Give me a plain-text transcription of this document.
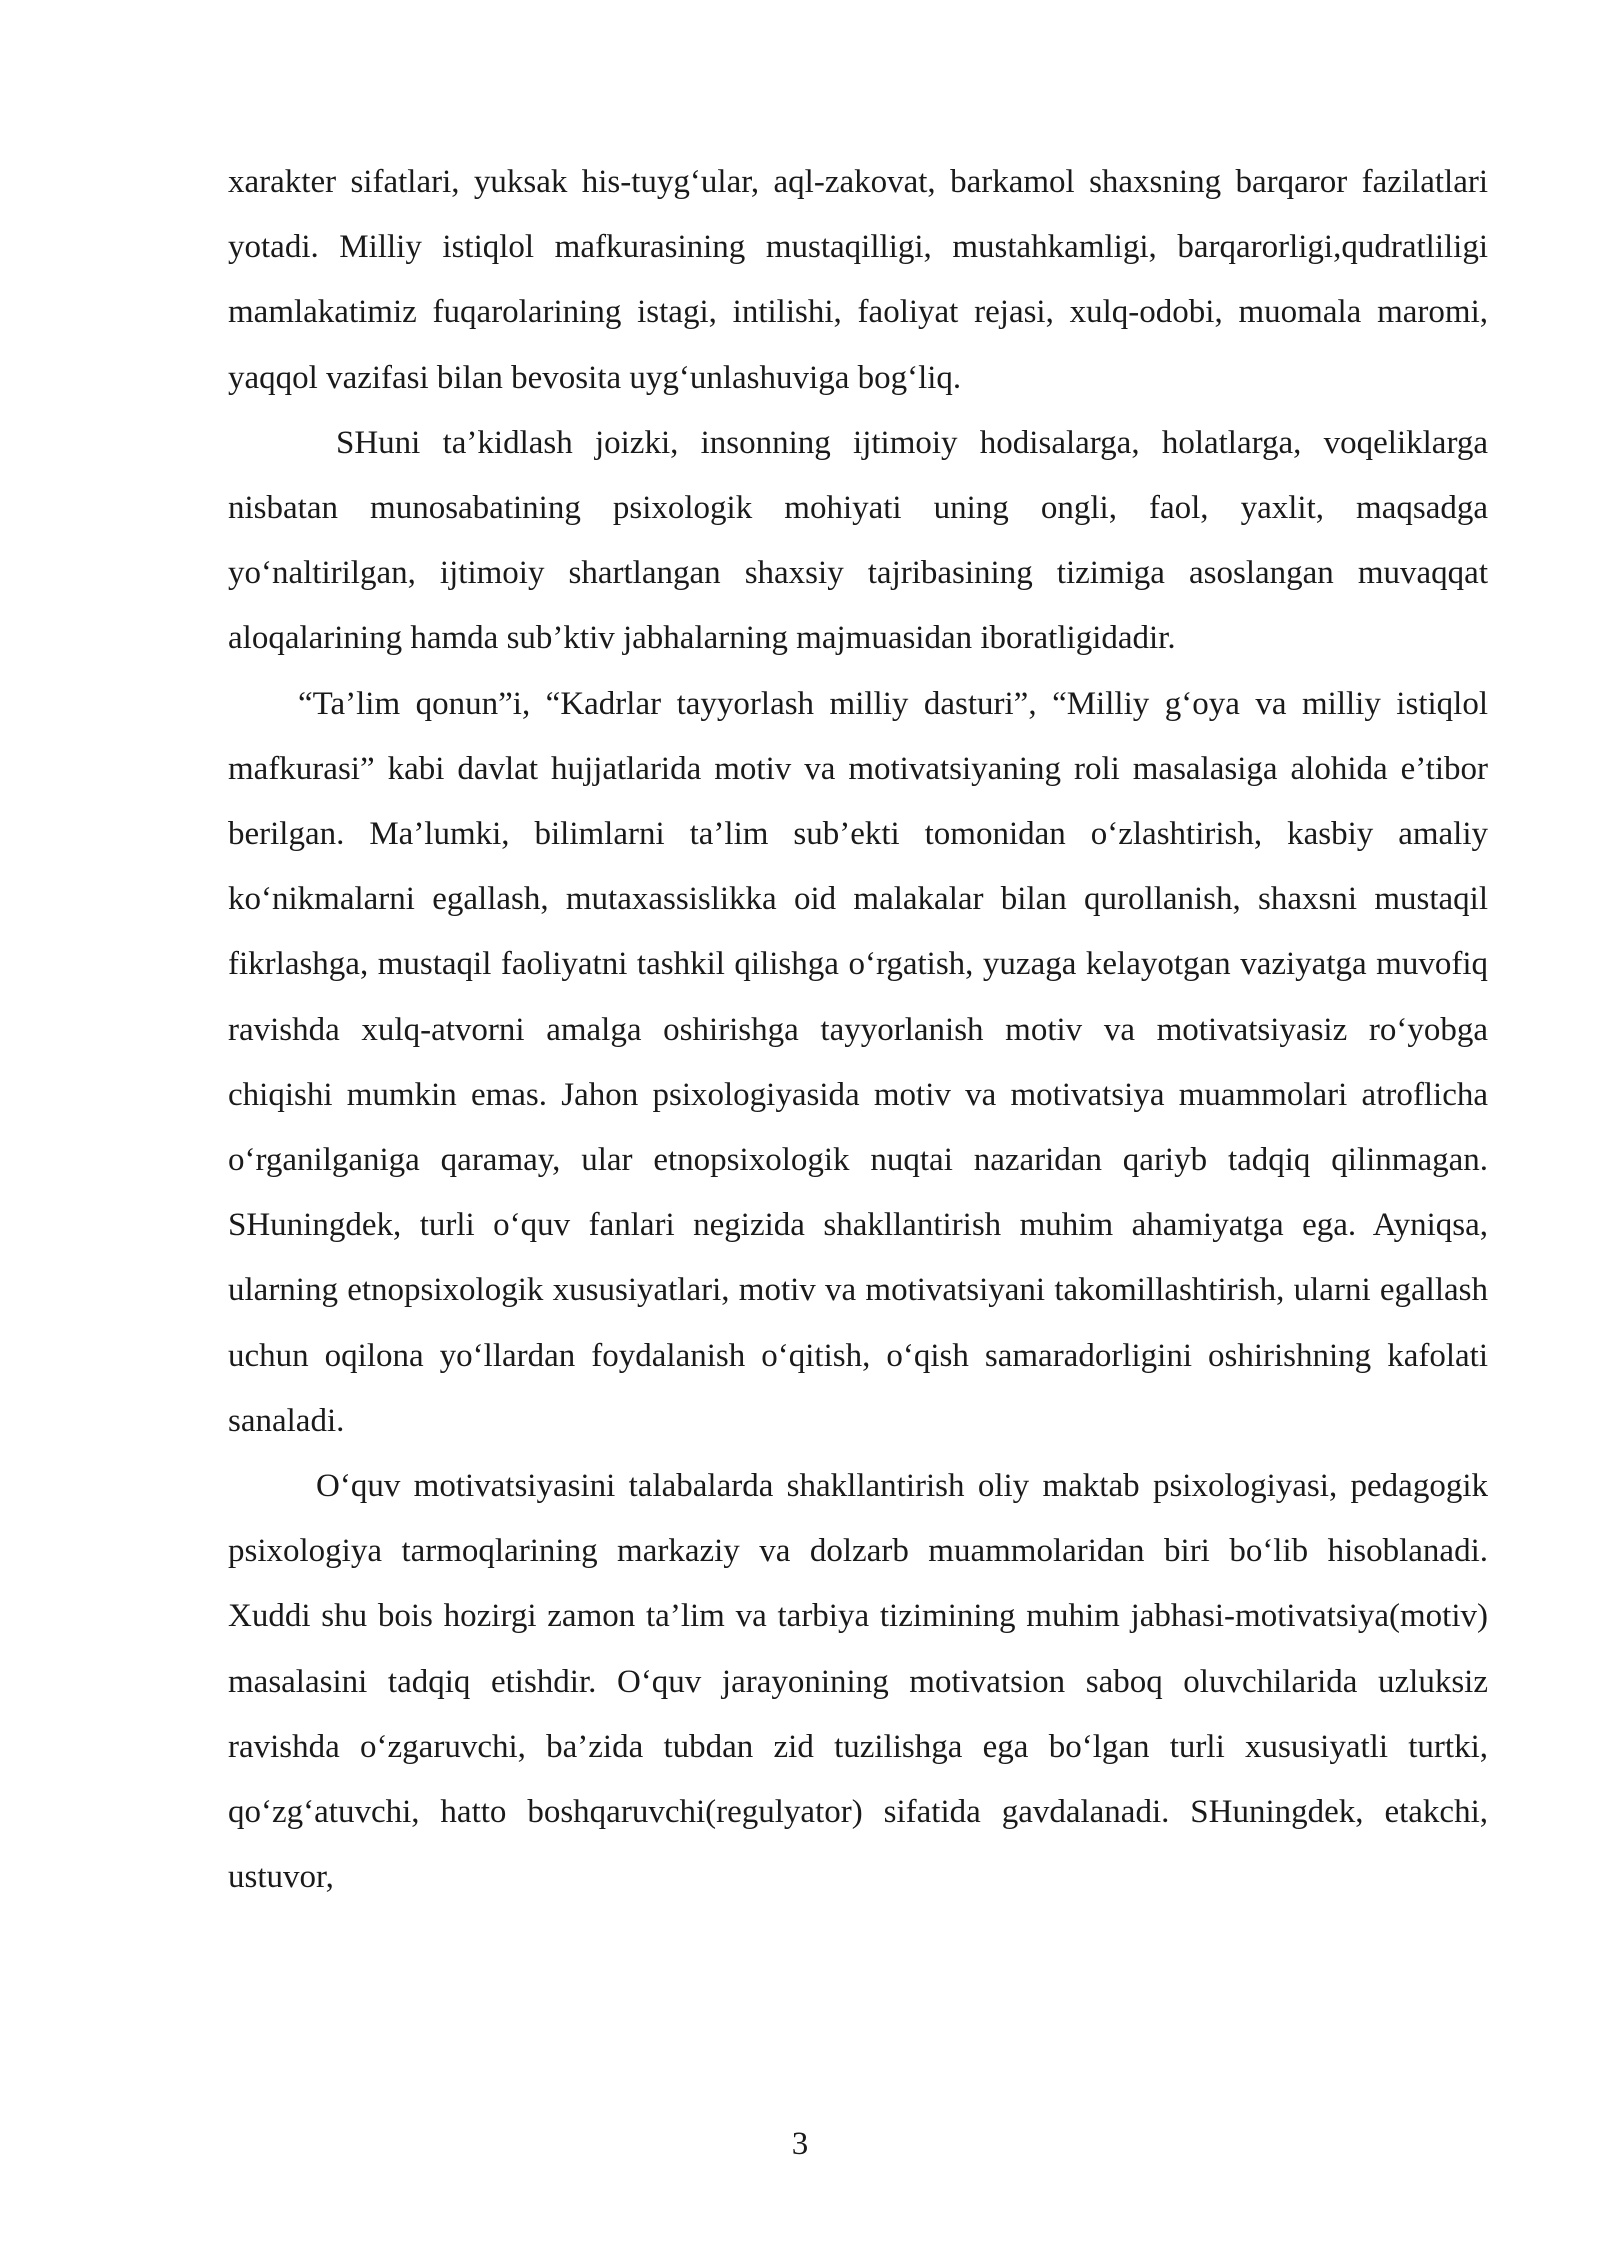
xarakter sifatlari, yuksak his-tuyg‘ular, aql-zakovat, barkamol shaxsning barqaror fazilatlari yotadi. Milliy istiqlol mafkurasining mustaqilligi, mustahkamligi, barqarorligi,qudratliligi mamlakatimiz fuqarolarining istagi, intilishi, faoliyat rejasi, xulq-odobi, muomala maromi, yaqqol vazifasi bilan bevosita uyg‘unlashuviga bog‘liq.

SHuni ta’kidlash joizki, insonning ijtimoiy hodisalarga, holatlarga, voqeliklarga nisbatan munosabatining psixologik mohiyati uning ongli, faol, yaxlit, maqsadga yo‘naltirilgan, ijtimoiy shartlangan shaxsiy tajribasining tizimiga asoslangan muvaqqat aloqalarining hamda sub’ktiv jabhalarning majmuasidan iboratligidadir.

“Ta’lim qonun”i, “Kadrlar tayyorlash milliy dasturi”, “Milliy g‘oya va milliy istiqlol mafkurasi” kabi davlat hujjatlarida motiv va motivatsiyaning roli masalasiga alohida e’tibor berilgan. Ma’lumki, bilimlarni ta’lim sub’ekti tomonidan o‘zlashtirish, kasbiy amaliy ko‘nikmalarni egallash, mutaxassislikka oid malakalar bilan qurollanish, shaxsni mustaqil fikrlashga, mustaqil faoliyatni tashkil qilishga o‘rgatish, yuzaga kelayotgan vaziyatga muvofiq ravishda xulq-atvorni amalga oshirishga tayyorlanish motiv va motivatsiyasiz ro‘yobga chiqishi mumkin emas. Jahon psixologiyasida motiv va motivatsiya muammolari atroflicha o‘rganilganiga qaramay, ular etnopsixologik nuqtai nazaridan qariyb tadqiq qilinmagan. SHuningdek, turli o‘quv fanlari negizida shakllantirish muhim ahamiyatga ega. Ayniqsa, ularning etnopsixologik xususiyatlari, motiv va motivatsiyani takomillashtirish, ularni egallash uchun oqilona yo‘llardan foydalanish o‘qitish, o‘qish samaradorligini oshirishning kafolati sanaladi.

O‘quv motivatsiyasini talabalarda shakllantirish oliy maktab psixologiyasi, pedagogik psixologiya tarmoqlarining markaziy va dolzarb muammolaridan biri bo‘lib hisoblanadi. Xuddi shu bois hozirgi zamon ta’lim va tarbiya tizimining muhim jabhasi-motivatsiya(motiv) masalasini tadqiq etishdir. O‘quv jarayonining motivatsion saboq oluvchilarida uzluksiz ravishda o‘zgaruvchi, ba’zida tubdan zid tuzilishga ega bo‘lgan turli xususiyatli turtki, qo‘zg‘atuvchi, hatto boshqaruvchi(regulyator) sifatida gavdalanadi. SHuningdek, etakchi, ustuvor,

3
